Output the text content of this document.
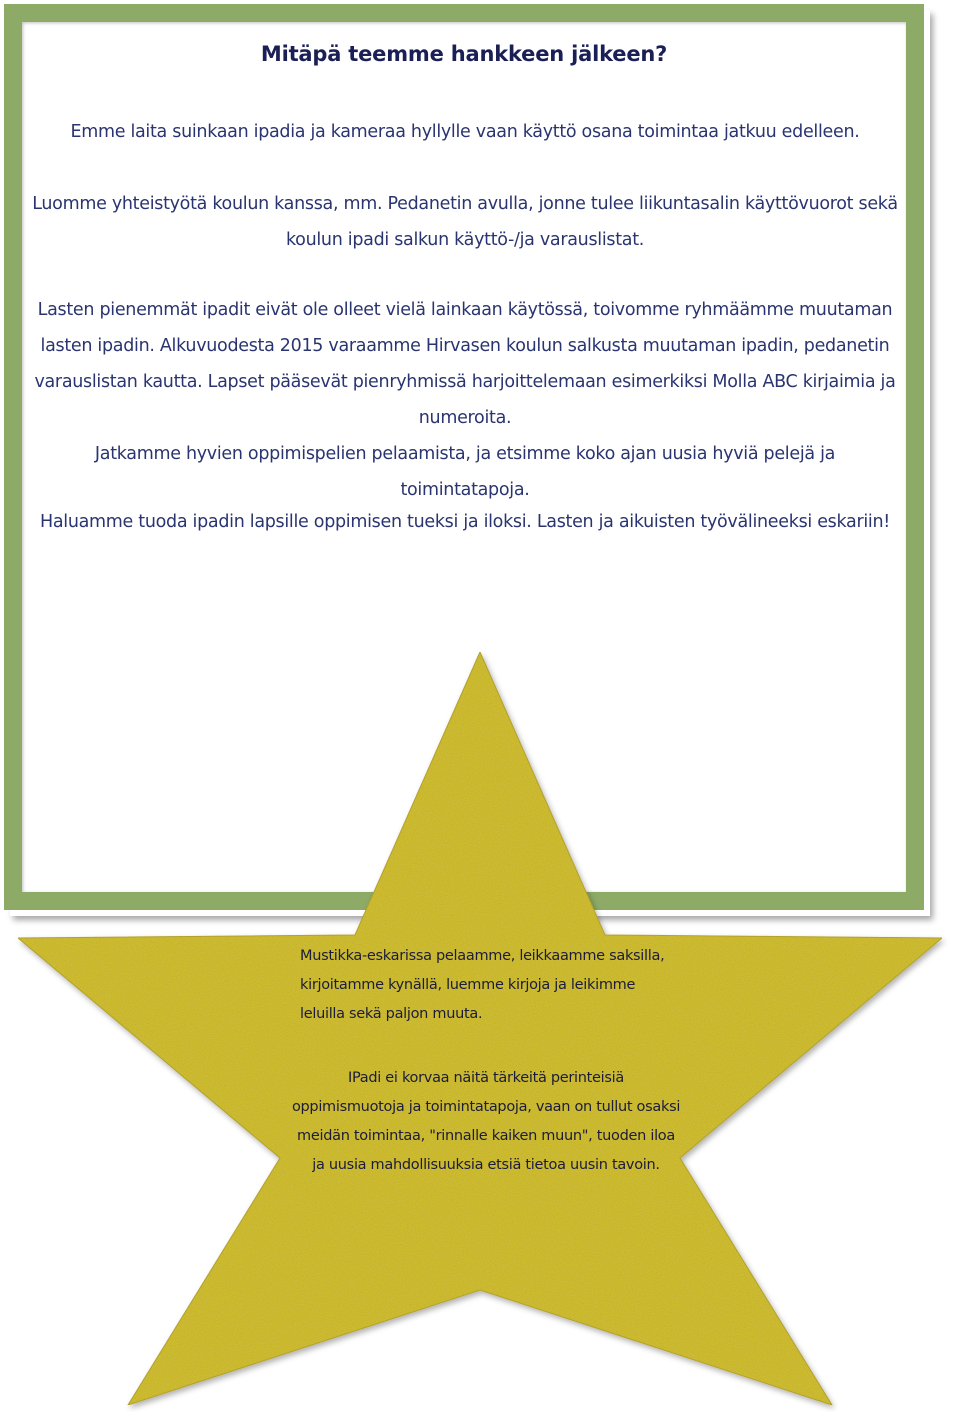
Mitäpä teemme hankkeen jälkeen?
Emme laita suinkaan ipadia ja kameraa hyllylle vaan käyttö osana toimintaa jatkuu edelleen.
Luomme yhteistyötä koulun kanssa, mm. Pedanetin avulla, jonne tulee liikuntasalin käyttövuorot sekä koulun ipadi salkun käyttö-/ja varauslistat.
Lasten pienemmät ipadit eivät ole olleet vielä lainkaan käytössä, toivomme ryhmäämme muutaman lasten ipadin. Alkuvuodesta 2015 varaamme Hirvasen koulun salkusta muutaman ipadin, pedanetin varauslistan kautta. Lapset pääsevät pienryhmissä harjoittelemaan esimerkiksi Molla ABC kirjaimia ja numeroita.
Jatkamme hyvien oppimispelien pelaamista, ja etsimme koko ajan uusia hyviä pelejä ja toimintatapoja.
Haluamme tuoda ipadin lapsille oppimisen tueksi ja iloksi. Lasten ja aikuisten työvälineeksi eskariin!
Mustikka-eskarissa pelaamme, leikkaamme saksilla, kirjoitamme kynällä, luemme kirjoja ja leikimme leluilla sekä paljon muuta.
IPadi ei korvaa näitä tärkeitä perinteisiä oppimismuotoja ja toimintatapoja, vaan on tullut osaksi meidän toimintaa, "rinnalle kaiken muun", tuoden iloa ja uusia mahdollisuuksia etsiä tietoa uusin tavoin.
